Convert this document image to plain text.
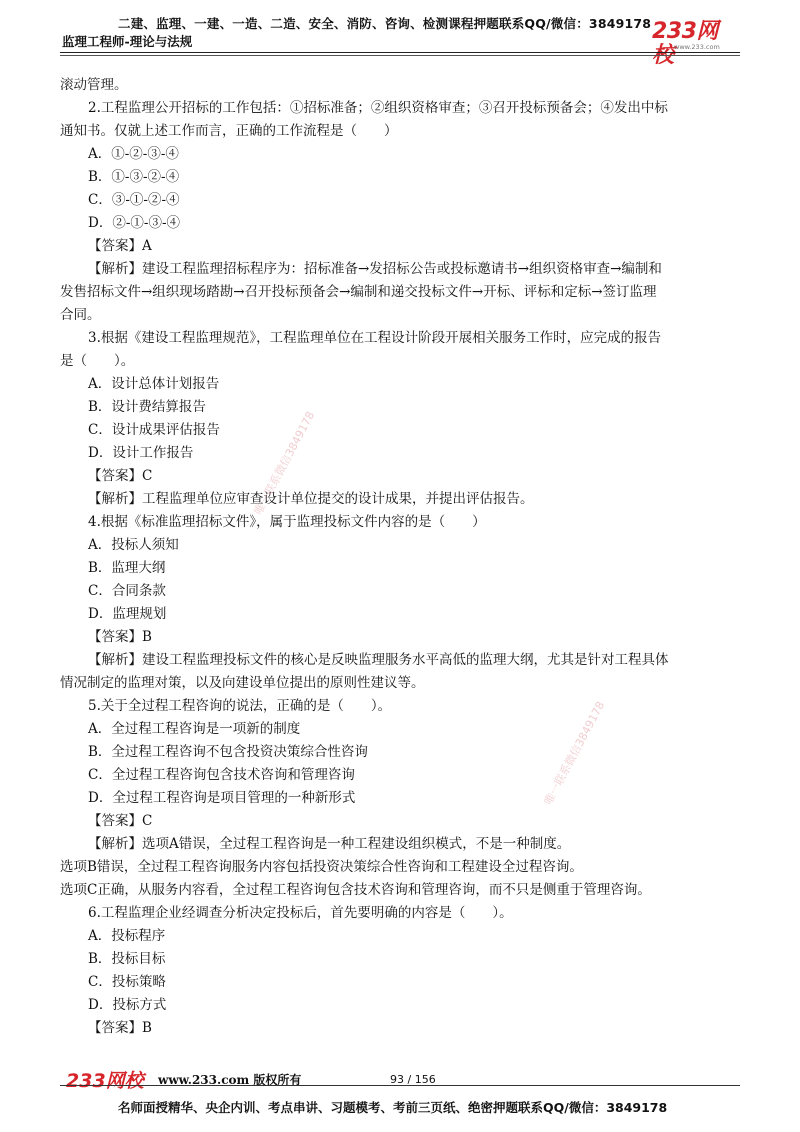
二建、监理、一建、一造、二造、安全、消防、咨询、检测课程押题联系QQ/微信：3849178
监理工程师-理论与法规	233网校 www.233.com

滚动管理。

2.工程监理公开招标的工作包括：①招标准备；②组织资格审查；③召开投标预备会；④发出中标

通知书。仅就上述工作而言，正确的工作流程是（　　）

A．①-②-③-④

B．①-③-②-④

C．③-①-②-④

D．②-①-③-④

【答案】A

【解析】建设工程监理招标程序为：招标准备→发招标公告或投标邀请书→组织资格审查→编制和

发售招标文件→组织现场踏勘→召开投标预备会→编制和递交投标文件→开标、评标和定标→签订监理

合同。

3.根据《建设工程监理规范》，工程监理单位在工程设计阶段开展相关服务工作时，应完成的报告

是（　　）。

A．设计总体计划报告

B．设计费结算报告

C．设计成果评估报告

D．设计工作报告

【答案】C

【解析】工程监理单位应审查设计单位提交的设计成果，并提出评估报告。

4.根据《标准监理招标文件》，属于监理投标文件内容的是（　　）

A．投标人须知

B．监理大纲

C．合同条款

D．监理规划

【答案】B

【解析】建设工程监理投标文件的核心是反映监理服务水平高低的监理大纲，尤其是针对工程具体

情况制定的监理对策，以及向建设单位提出的原则性建议等。

5.关于全过程工程咨询的说法，正确的是（　　）。

A．全过程工程咨询是一项新的制度

B．全过程工程咨询不包含投资决策综合性咨询

C．全过程工程咨询包含技术咨询和管理咨询

D．全过程工程咨询是项目管理的一种新形式

【答案】C

【解析】选项A错误，全过程工程咨询是一种工程建设组织模式，不是一种制度。

选项B错误，全过程工程咨询服务内容包括投资决策综合性咨询和工程建设全过程咨询。

选项C正确，从服务内容看，全过程工程咨询包含技术咨询和管理咨询，而不只是侧重于管理咨询。

6.工程监理企业经调查分析决定投标后，首先要明确的内容是（　　）。

A．投标程序

B．投标目标

C．投标策略

D．投标方式

【答案】B

唯一联系微信3849178
唯一联系微信3849178
233网校 www.233.com 版权所有	93 / 156
名师面授精华、央企内训、考点串讲、习题模考、考前三页纸、绝密押题联系QQ/微信：3849178
